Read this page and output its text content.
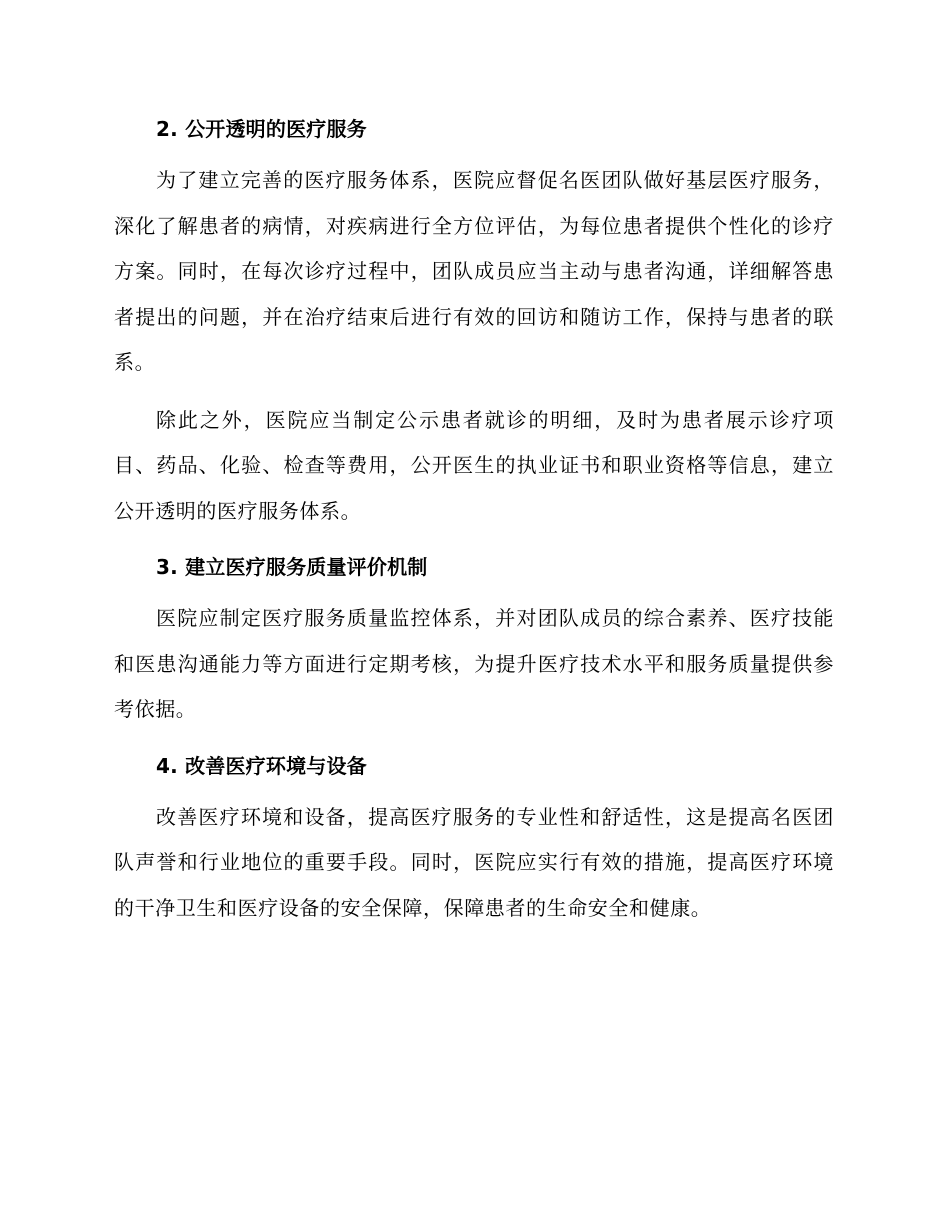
2. 公开透明的医疗服务

为了建立完善的医疗服务体系，医院应督促名医团队做好基层医疗服务，深化了解患者的病情，对疾病进行全方位评估，为每位患者提供个性化的诊疗方案。同时，在每次诊疗过程中，团队成员应当主动与患者沟通，详细解答患者提出的问题，并在治疗结束后进行有效的回访和随访工作，保持与患者的联系。

除此之外，医院应当制定公示患者就诊的明细，及时为患者展示诊疗项目、药品、化验、检查等费用，公开医生的执业证书和职业资格等信息，建立公开透明的医疗服务体系。

3. 建立医疗服务质量评价机制

医院应制定医疗服务质量监控体系，并对团队成员的综合素养、医疗技能和医患沟通能力等方面进行定期考核，为提升医疗技术水平和服务质量提供参考依据。

4. 改善医疗环境与设备

改善医疗环境和设备，提高医疗服务的专业性和舒适性，这是提高名医团队声誉和行业地位的重要手段。同时，医院应实行有效的措施，提高医疗环境的干净卫生和医疗设备的安全保障，保障患者的生命安全和健康。
